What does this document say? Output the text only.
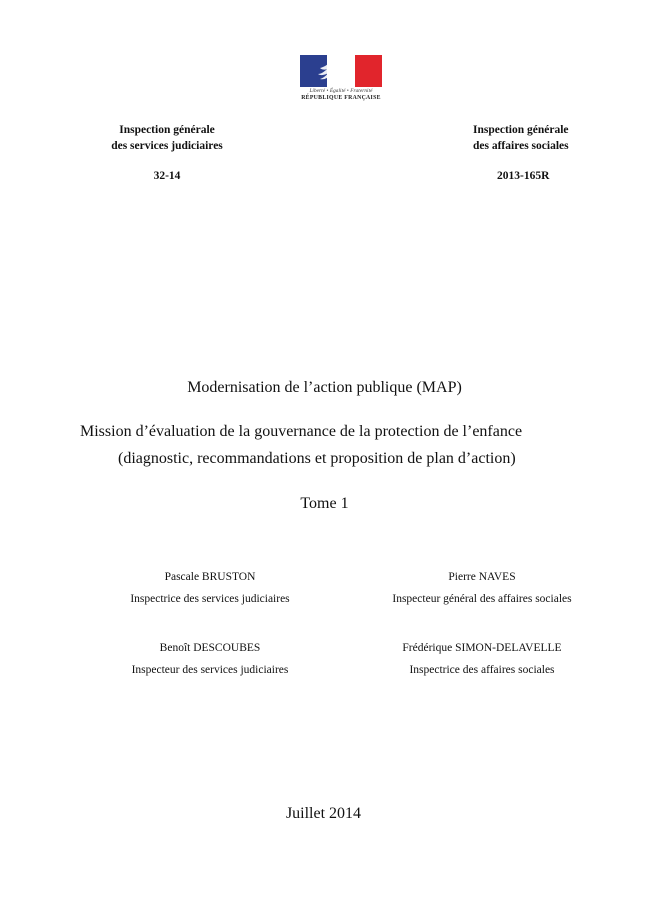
Liberté • Égalité • Fraternité
RÉPUBLIQUE FRANÇAISE
Inspection générale
des services judiciaires
32-14
Inspection générale
des affaires sociales
2013-165R
Modernisation de l’action publique (MAP)
Mission d’évaluation de la gouvernance de la protection de l’enfance
(diagnostic, recommandations et proposition de plan d’action)
Tome 1
Pascale BRUSTON
Inspectrice des services judiciaires
Pierre NAVES
Inspecteur général des affaires sociales
Benoît DESCOUBES
Inspecteur des services judiciaires
Frédérique SIMON-DELAVELLE
Inspectrice des affaires sociales
Juillet 2014
